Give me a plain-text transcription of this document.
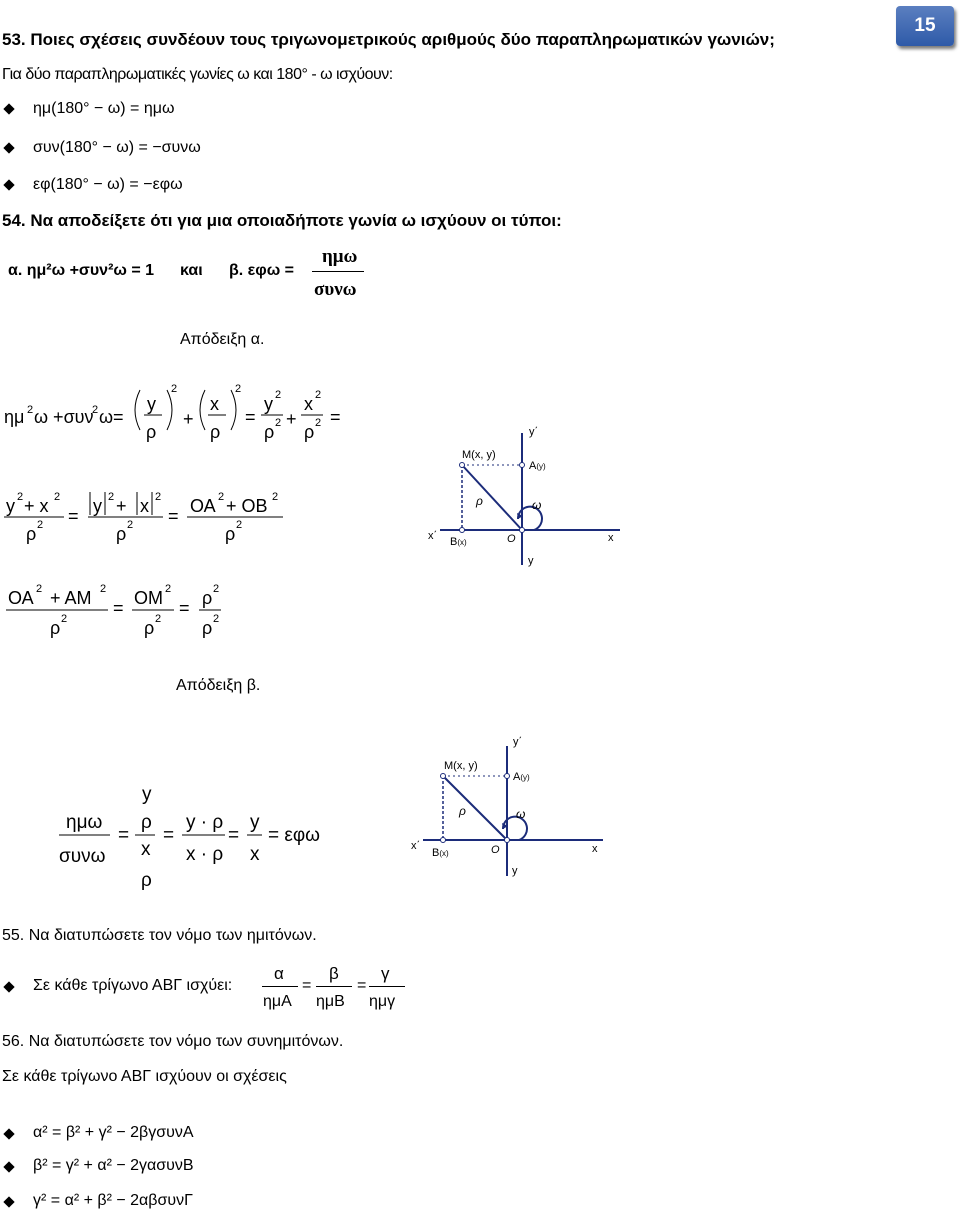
15
53. Ποιες σχέσεις συνδέουν τους τριγωνομετρικούς αριθμούς δύο παραπληρωματικών γωνιών;
Για δύο παραπληρωματικές γωνίες ω και 180° - ω ισχύουν:
ημ(180° − ω) = ημω
συν(180° − ω) = −συνω
εφ(180° − ω) = −εφω
54. Να αποδείξετε ότι για μια οποιαδήποτε γωνία ω ισχύουν οι τύποι:
α. ημ²ω +συν²ω = 1 και β. εφω =
ημω
συνω
Απόδειξη α.
ημ 2 ω +συν
2 ω=
y
ρ
2
+
x
ρ
2
=
y 2
ρ 2 +
x 2
ρ 2 =
y 2 + x 2
ρ 2 = y 2 + x 2
ρ 2 = ΟΑ 2 + ΟΒ 2
ρ 2
ΟΑ 2 + ΑΜ 2
ρ 2
= ΟΜ 2
ρ 2
= ρ 2
ρ 2
M(x, y)
A(y)
B(x)	O
ρ	ω
x
x΄
y
y΄
Απόδειξη β.
ημω
συνω
=
y
ρ
x
ρ
=
y · ρ
x · ρ
=
y
x
= εφω
M(x, y)
A(y)
B(x)	O
ρ	ω
x
x΄
y
y΄
55. Να διατυπώσετε τον νόμο των ημιτόνων.
Σε κάθε τρίγωνο ΑΒΓ ισχύει:
α
ημΑ
=
β
ημΒ
=
γ
ημγ
56. Να διατυπώσετε τον νόμο των συνημιτόνων.
Σε κάθε τρίγωνο ΑΒΓ ισχύουν οι σχέσεις
α² = β² + γ² − 2βγσυνΑ
β² = γ² + α² − 2γασυνΒ
γ² = α² + β² − 2αβσυνΓ
